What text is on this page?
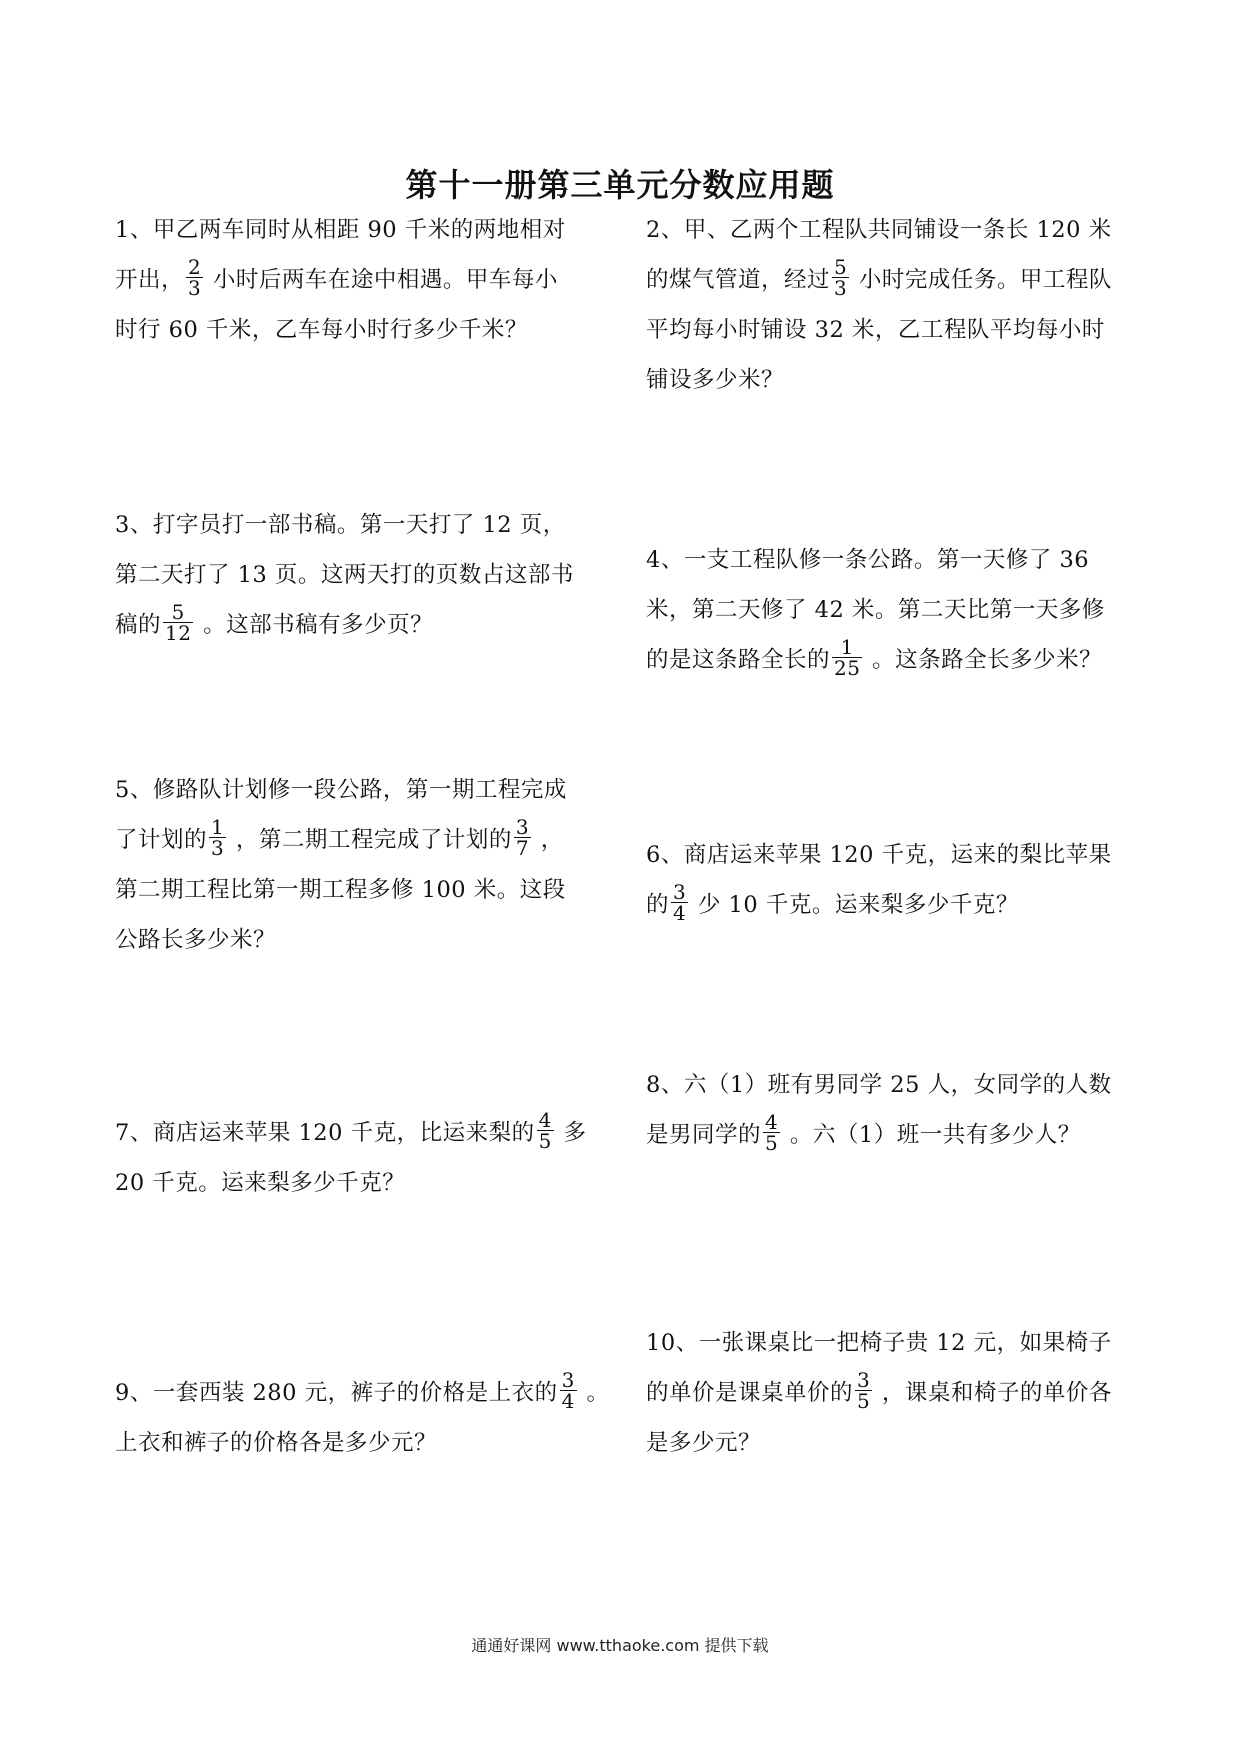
第十一册第三单元分数应用题
1、甲乙两车同时从相距 90 千米的两地相对
开出， $\frac{2}{3}$ 小时后两车在途中相遇。甲车每小
时行 60 千米，乙车每小时行多少千米？
2、甲、乙两个工程队共同铺设一条长 120 米
的煤气管道，经过 $\frac{5}{3}$ 小时完成任务。甲工程队
平均每小时铺设 32 米，乙工程队平均每小时
铺设多少米？
3、打字员打一部书稿。第一天打了 12 页，
第二天打了 13 页。这两天打的页数占这部书
稿的 $\frac{5}{12}$ 。这部书稿有多少页？
4、一支工程队修一条公路。第一天修了 36
米，第二天修了 42 米。第二天比第一天多修
的是这条路全长的 $\frac{1}{25}$ 。这条路全长多少米？
5、修路队计划修一段公路，第一期工程完成
了计划的 $\frac{1}{3}$ ，第二期工程完成了计划的 $\frac{3}{7}$ ，
第二期工程比第一期工程多修 100 米。这段
公路长多少米？
6、商店运来苹果 120 千克，运来的梨比苹果
的 $\frac{3}{4}$ 少 10 千克。运来梨多少千克？
8、六（1）班有男同学 25 人，女同学的人数
是男同学的 $\frac{4}{5}$ 。六（1）班一共有多少人？
7、商店运来苹果 120 千克，比运来梨的 $\frac{4}{5}$ 多
20 千克。运来梨多少千克？
10、一张课桌比一把椅子贵 12 元，如果椅子
的单价是课桌单价的 $\frac{3}{5}$ ，课桌和椅子的单价各
是多少元？
9、一套西装 280 元，裤子的价格是上衣的 $\frac{3}{4}$ 。
上衣和裤子的价格各是多少元？
通通好课网 www.tthaoke.com 提供下载
